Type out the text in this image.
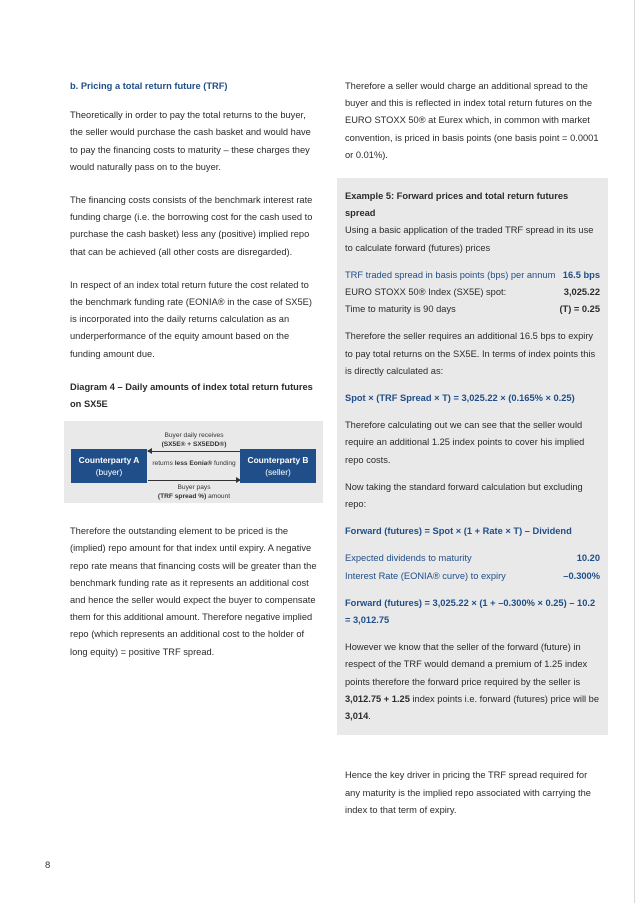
b. Pricing a total return future (TRF)

Theoretically in order to pay the total returns to the buyer, the seller would purchase the cash basket and would have to pay the financing costs to maturity – these charges they would naturally pass on to the buyer.

The financing costs consists of the benchmark interest rate funding charge (i.e. the borrowing cost for the cash used to purchase the cash basket) less any (positive) implied repo that can be achieved (all other costs are disregarded).

In respect of an index total return future the cost related to the benchmark funding rate (EONIA® in the case of SX5E) is incorporated into the daily returns calculation as an underperformance of the equity amount based on the funding amount due.

Diagram 4 – Daily amounts of index total return futures on SX5E

Counterparty A
(buyer)
Buyer daily receives
(SX5E® + SX5EDD®)
returns less Eonia® funding
Buyer pays
(TRF spread %) amount
Counterparty B
(seller)

Therefore the outstanding element to be priced is the (implied) repo amount for that index until expiry. A negative repo rate means that financing costs will be greater than the benchmark funding rate as it represents an additional cost and hence the seller would expect the buyer to compensate them for this additional amount. Therefore negative implied repo (which represents an additional cost to the holder of long equity) = positive TRF spread.

Therefore a seller would charge an additional spread to the buyer and this is reflected in index total return futures on the EURO STOXX 50® at Eurex which, in common with market convention, is priced in basis points (one basis point = 0.0001 or 0.01%).

Example 5: Forward prices and total return futures spread

Using a basic application of the traded TRF spread in its use to calculate forward (futures) prices

TRF traded spread in basis points (bps) per annum 16.5 bps
EURO STOXX 50® Index (SX5E) spot:	3,025.22
Time to maturity is 90 days	(T) = 0.25

Therefore the seller requires an additional 16.5 bps to expiry to pay total returns on the SX5E. In terms of index points this is directly calculated as:

Spot × (TRF Spread × T) = 3,025.22 × (0.165% × 0.25)

Therefore calculating out we can see that the seller would require an additional 1.25 index points to cover his implied repo costs.

Now taking the standard forward calculation but excluding repo:

Forward (futures) = Spot × (1 + Rate × T) – Dividend

Expected dividends to maturity	10.20
Interest Rate (EONIA® curve) to expiry	–0.300%

Forward (futures) = 3,025.22 × (1 + –0.300% × 0.25) – 10.2 = 3,012.75

However we know that the seller of the forward (future) in respect of the TRF would demand a premium of 1.25 index points therefore the forward price required by the seller is 3,012.75 + 1.25 index points i.e. forward (futures) price will be 3,014.

Hence the key driver in pricing the TRF spread required for any maturity is the implied repo associated with carrying the index to that term of expiry.

8
